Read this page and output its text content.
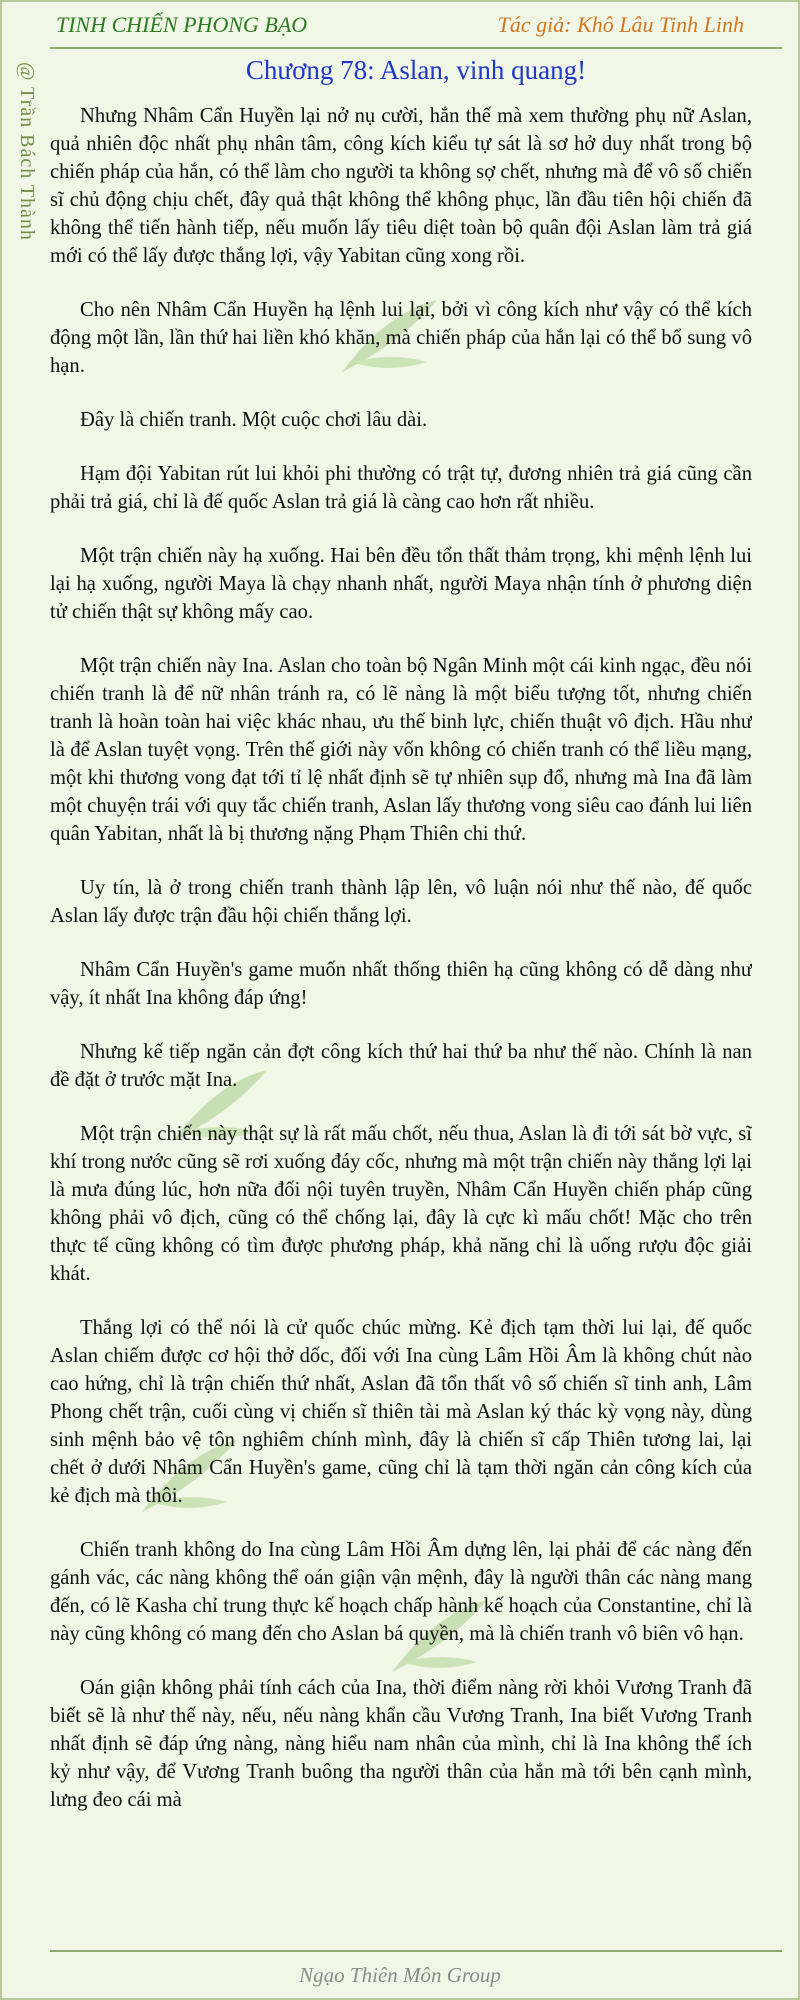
TINH CHIẾN PHONG BẠO	Tác giả: Khô Lâu Tinh Linh
@ Trần Bách Thành	Chương 78: Aslan, vinh quang!

Nhưng Nhâm Cẩn Huyền lại nở nụ cười, hắn thế mà xem thường phụ nữ Aslan, quả nhiên độc nhất phụ nhân tâm, công kích kiểu tự sát là sơ hở duy nhất trong bộ chiến pháp của hắn, có thể làm cho người ta không sợ chết, nhưng mà để vô số chiến sĩ chủ động chịu chết, đây quả thật không thể không phục, lần đầu tiên hội chiến đã không thể tiến hành tiếp, nếu muốn lấy tiêu diệt toàn bộ quân đội Aslan làm trả giá mới có thể lấy được thắng lợi, vậy Yabitan cũng xong rồi.

Cho nên Nhâm Cẩn Huyền hạ lệnh lui lại, bởi vì công kích như vậy có thể kích động một lần, lần thứ hai liền khó khăn, mà chiến pháp của hắn lại có thể bổ sung vô hạn.

Đây là chiến tranh. Một cuộc chơi lâu dài.

Hạm đội Yabitan rút lui khỏi phi thường có trật tự, đương nhiên trả giá cũng cần phải trả giá, chỉ là đế quốc Aslan trả giá là càng cao hơn rất nhiều.

Một trận chiến này hạ xuống. Hai bên đều tổn thất thảm trọng, khi mệnh lệnh lui lại hạ xuống, người Maya là chạy nhanh nhất, người Maya nhận tính ở phương diện tử chiến thật sự không mấy cao.

Một trận chiến này Ina. Aslan cho toàn bộ Ngân Minh một cái kinh ngạc, đều nói chiến tranh là để nữ nhân tránh ra, có lẽ nàng là một biểu tượng tốt, nhưng chiến tranh là hoàn toàn hai việc khác nhau, ưu thế binh lực, chiến thuật vô địch. Hầu như là để Aslan tuyệt vọng. Trên thế giới này vốn không có chiến tranh có thể liều mạng, một khi thương vong đạt tới tỉ lệ nhất định sẽ tự nhiên sụp đổ, nhưng mà Ina đã làm một chuyện trái với quy tắc chiến tranh, Aslan lấy thương vong siêu cao đánh lui liên quân Yabitan, nhất là bị thương nặng Phạm Thiên chi thứ.

Uy tín, là ở trong chiến tranh thành lập lên, vô luận nói như thế nào, đế quốc Aslan lấy được trận đầu hội chiến thắng lợi.

Nhâm Cẩn Huyền's game muốn nhất thống thiên hạ cũng không có dễ dàng như vậy, ít nhất Ina không đáp ứng!

Nhưng kế tiếp ngăn cản đợt công kích thứ hai thứ ba như thế nào. Chính là nan đề đặt ở trước mặt Ina.

Một trận chiến này thật sự là rất mấu chốt, nếu thua, Aslan là đi tới sát bờ vực, sĩ khí trong nước cũng sẽ rơi xuống đáy cốc, nhưng mà một trận chiến này thắng lợi lại là mưa đúng lúc, hơn nữa đối nội tuyên truyền, Nhâm Cẩn Huyền chiến pháp cũng không phải vô địch, cũng có thể chống lại, đây là cực kì mấu chốt! Mặc cho trên thực tế cũng không có tìm được phương pháp, khả năng chỉ là uống rượu độc giải khát.

Thắng lợi có thể nói là cử quốc chúc mừng. Kẻ địch tạm thời lui lại, đế quốc Aslan chiếm được cơ hội thở dốc, đối với Ina cùng Lâm Hồi Âm là không chút nào cao hứng, chỉ là trận chiến thứ nhất, Aslan đã tổn thất vô số chiến sĩ tinh anh, Lâm Phong chết trận, cuối cùng vị chiến sĩ thiên tài mà Aslan ký thác kỳ vọng này, dùng sinh mệnh bảo vệ tôn nghiêm chính mình, đây là chiến sĩ cấp Thiên tương lai, lại chết ở dưới Nhâm Cẩn Huyền's game, cũng chỉ là tạm thời ngăn cản công kích của kẻ địch mà thôi.

Chiến tranh không do Ina cùng Lâm Hồi Âm dựng lên, lại phải để các nàng đến gánh vác, các nàng không thể oán giận vận mệnh, đây là người thân các nàng mang đến, có lẽ Kasha chỉ trung thực kế hoạch chấp hành kế hoạch của Constantine, chỉ là này cũng không có mang đến cho Aslan bá quyền, mà là chiến tranh vô biên vô hạn.

Oán giận không phải tính cách của Ina, thời điểm nàng rời khỏi Vương Tranh đã biết sẽ là như thế này, nếu, nếu nàng khẩn cầu Vương Tranh, Ina biết Vương Tranh nhất định sẽ đáp ứng nàng, nàng hiểu nam nhân của mình, chỉ là Ina không thể ích kỷ như vậy, để Vương Tranh buông tha người thân của hắn mà tới bên cạnh mình, lưng đeo cái mà

Ngạo Thiên Môn Group
